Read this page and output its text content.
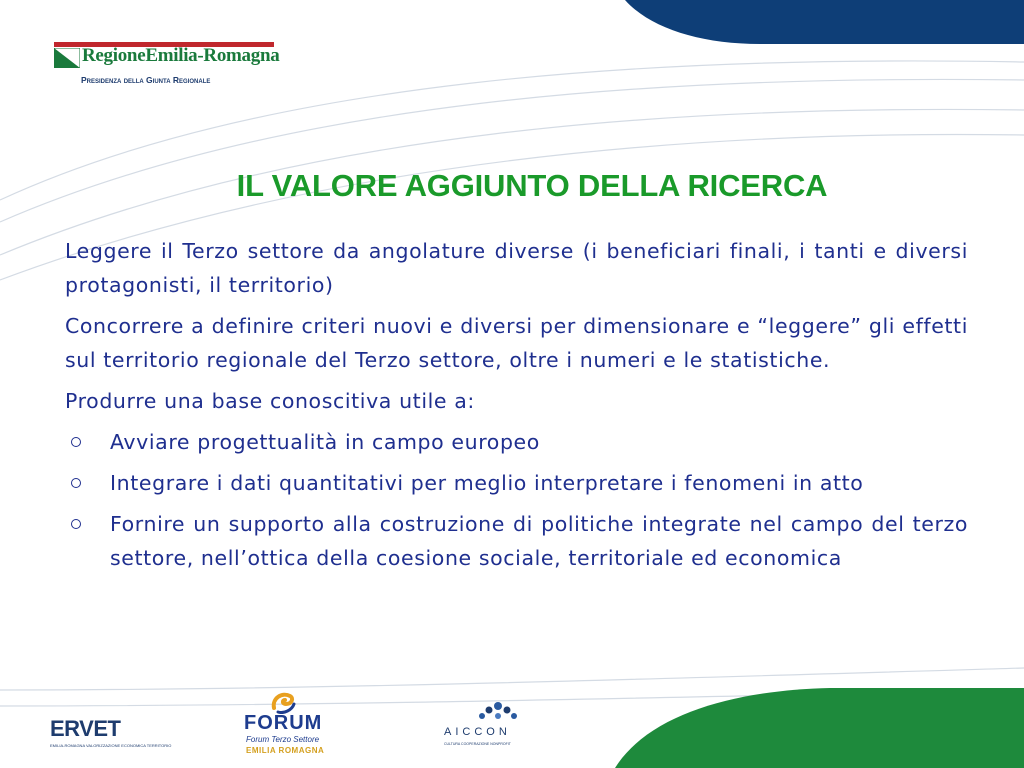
RegioneEmilia-Romagna
Presidenza della Giunta Regionale
IL VALORE AGGIUNTO DELLA RICERCA

Leggere il Terzo settore da angolature diverse (i beneficiari finali, i tanti e diversi protagonisti, il territorio)

Concorrere a definire criteri nuovi e diversi per dimensionare e “leggere” gli effetti sul territorio regionale del Terzo settore, oltre i numeri e le statistiche.

Produrre una base conoscitiva utile a:

Avviare progettualità in campo europeo
Integrare i dati quantitativi per meglio interpretare i fenomeni in atto
Fornire un supporto alla costruzione di politiche integrate nel campo del terzo settore, nell’ottica della coesione sociale, territoriale ed economica
ERVET
EMILIA-ROMAGNA VALORIZZAZIONE ECONOMICA TERRITORIO
FORUM
Forum Terzo Settore
EMILIA ROMAGNA
AICCON
CULTURA COOPERAZIONE NONPROFIT
